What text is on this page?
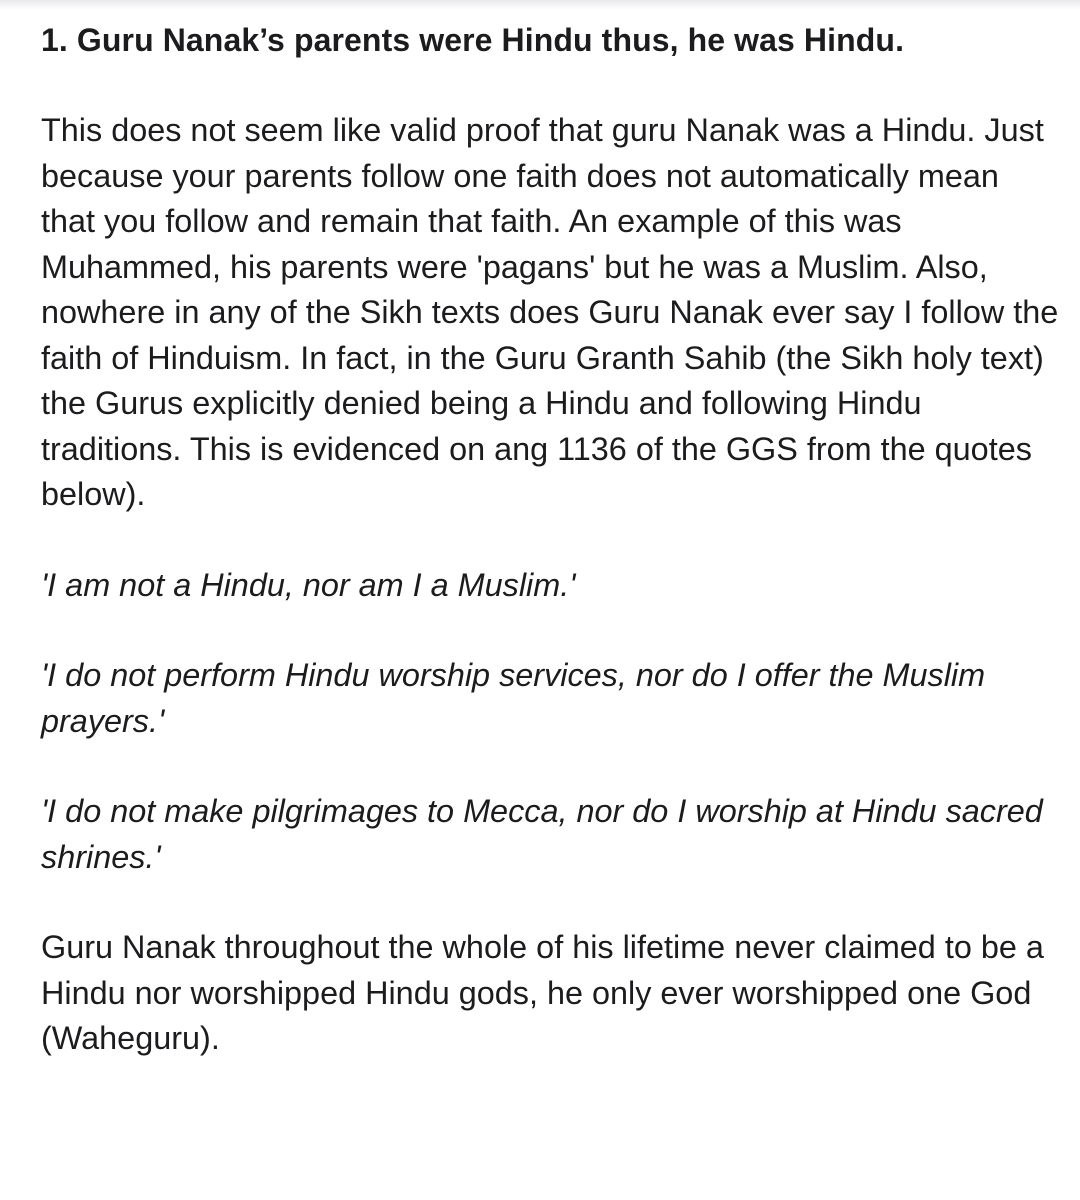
1. Guru Nanak’s parents were Hindu thus, he was Hindu.

This does not seem like valid proof that guru Nanak was a Hindu. Just because your parents follow one faith does not automatically mean that you follow and remain that faith. An example of this was Muhammed, his parents were 'pagans' but he was a Muslim. Also, nowhere in any of the Sikh texts does Guru Nanak ever say I follow the faith of Hinduism. In fact, in the Guru Granth Sahib (the Sikh holy text) the Gurus explicitly denied being a Hindu and following Hindu traditions. This is evidenced on ang 1136 of the GGS from the quotes below).

'I am not a Hindu, nor am I a Muslim.'

'I do not perform Hindu worship services, nor do I offer the Muslim prayers.'

'I do not make pilgrimages to Mecca, nor do I worship at Hindu sacred shrines.'

Guru Nanak throughout the whole of his lifetime never claimed to be a Hindu nor worshipped Hindu gods, he only ever worshipped one God (Waheguru).
